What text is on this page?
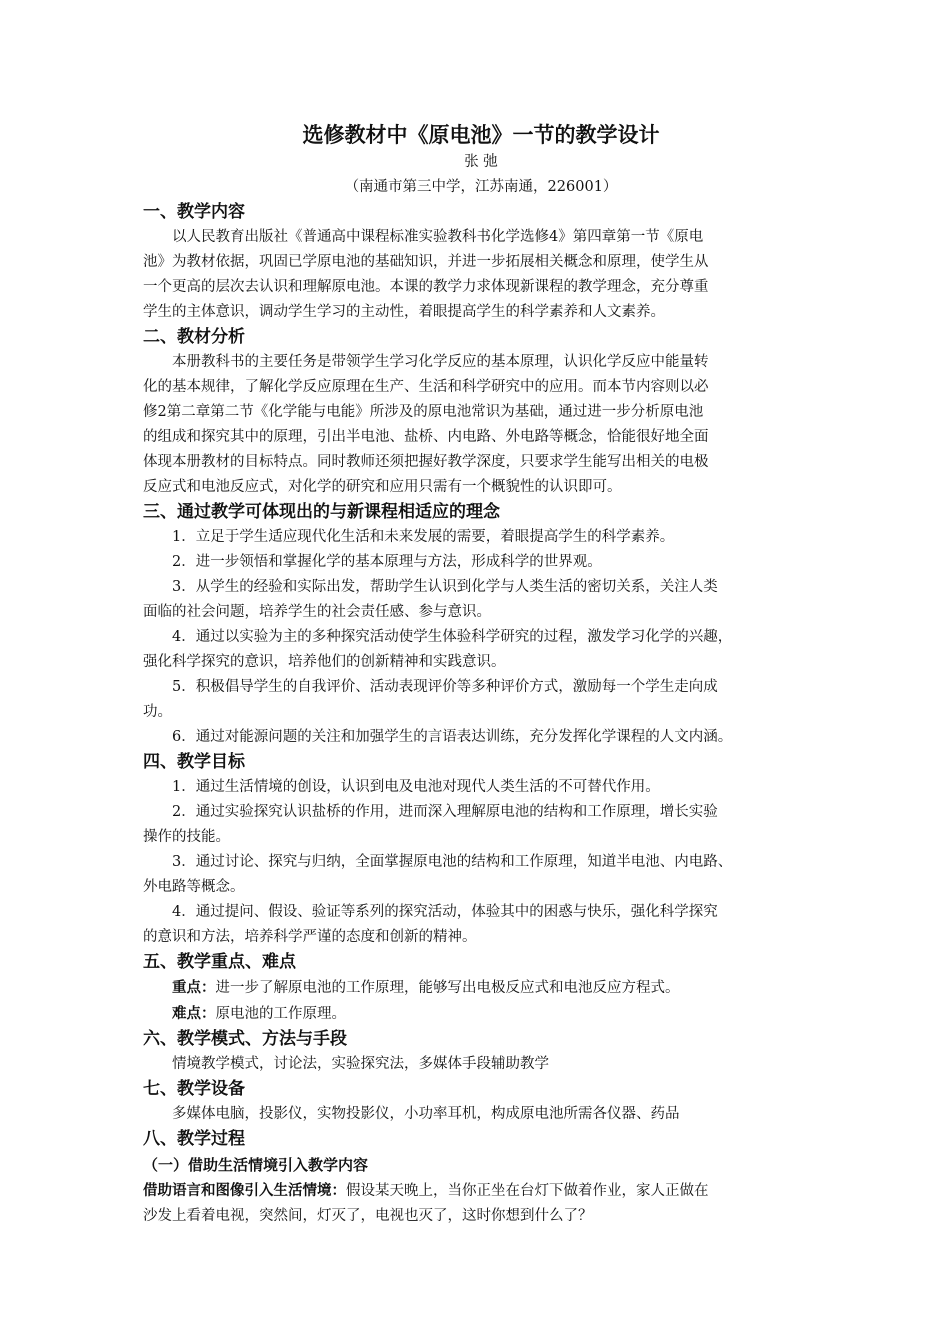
选修教材中《原电池》一节的教学设计

张 弛

（南通市第三中学，江苏南通，226001）

一、教学内容

以人民教育出版社《普通高中课程标准实验教科书化学选修4》第四章第一节《原电
池》为教材依据，巩固已学原电池的基础知识，并进一步拓展相关概念和原理，使学生从
一个更高的层次去认识和理解原电池。本课的教学力求体现新课程的教学理念，充分尊重
学生的主体意识，调动学生学习的主动性，着眼提高学生的科学素养和人文素养。

二、教材分析

本册教科书的主要任务是带领学生学习化学反应的基本原理，认识化学反应中能量转
化的基本规律，了解化学反应原理在生产、生活和科学研究中的应用。而本节内容则以必
修2第二章第二节《化学能与电能》所涉及的原电池常识为基础，通过进一步分析原电池
的组成和探究其中的原理，引出半电池、盐桥、内电路、外电路等概念，恰能很好地全面
体现本册教材的目标特点。同时教师还须把握好教学深度，只要求学生能写出相关的电极
反应式和电池反应式，对化学的研究和应用只需有一个概貌性的认识即可。

三、通过教学可体现出的与新课程相适应的理念

1．立足于学生适应现代化生活和未来发展的需要，着眼提高学生的科学素养。
2．进一步领悟和掌握化学的基本原理与方法，形成科学的世界观。
3．从学生的经验和实际出发，帮助学生认识到化学与人类生活的密切关系，关注人类
面临的社会问题，培养学生的社会责任感、参与意识。
4．通过以实验为主的多种探究活动使学生体验科学研究的过程，激发学习化学的兴趣，
强化科学探究的意识，培养他们的创新精神和实践意识。
5．积极倡导学生的自我评价、活动表现评价等多种评价方式，激励每一个学生走向成
功。
6．通过对能源问题的关注和加强学生的言语表达训练，充分发挥化学课程的人文内涵。

四、教学目标

1．通过生活情境的创设，认识到电及电池对现代人类生活的不可替代作用。
2．通过实验探究认识盐桥的作用，进而深入理解原电池的结构和工作原理，增长实验
操作的技能。
3．通过讨论、探究与归纳，全面掌握原电池的结构和工作原理，知道半电池、内电路、
外电路等概念。
4．通过提问、假设、验证等系列的探究活动，体验其中的困惑与快乐，强化科学探究
的意识和方法，培养科学严谨的态度和创新的精神。

五、教学重点、难点

重点：进一步了解原电池的工作原理，能够写出电极反应式和电池反应方程式。
难点：原电池的工作原理。

六、教学模式、方法与手段

情境教学模式，讨论法，实验探究法，多媒体手段辅助教学

七、教学设备

多媒体电脑，投影仪，实物投影仪，小功率耳机，构成原电池所需各仪器、药品

八、教学过程

（一）借助生活情境引入教学内容

借助语言和图像引入生活情境：假设某天晚上，当你正坐在台灯下做着作业，家人正做在
沙发上看着电视，突然间，灯灭了，电视也灭了，这时你想到什么了？
